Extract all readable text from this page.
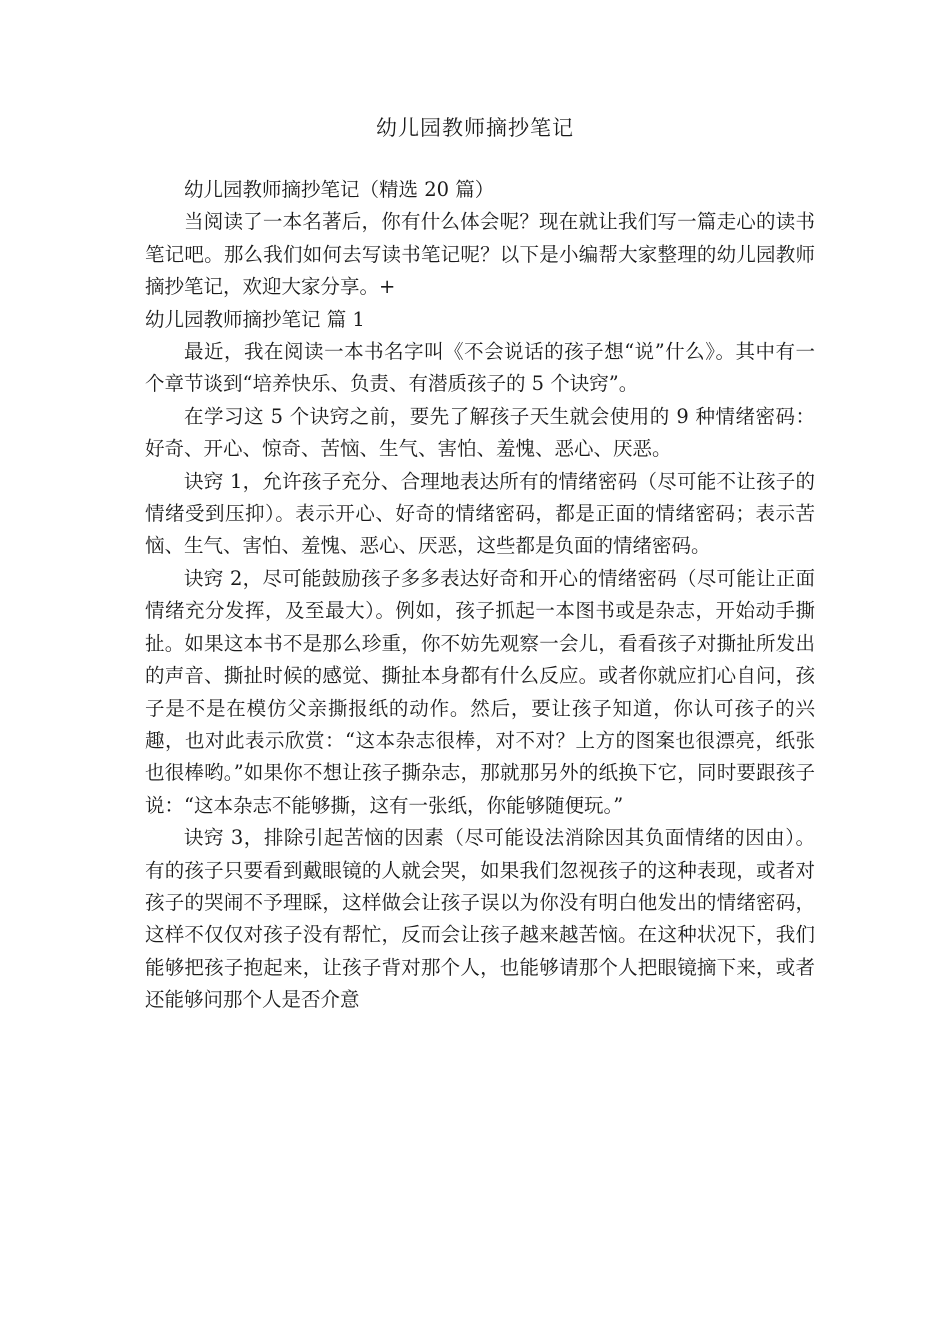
幼儿园教师摘抄笔记

幼儿园教师摘抄笔记（精选 20 篇）

当阅读了一本名著后，你有什么体会呢？现在就让我们写一篇走心的读书笔记吧。那么我们如何去写读书笔记呢？以下是小编帮大家整理的幼儿园教师摘抄笔记，欢迎大家分享。+

幼儿园教师摘抄笔记 篇 1

最近，我在阅读一本书名字叫《不会说话的孩子想“说”什么》。其中有一个章节谈到“培养快乐、负责、有潜质孩子的 5 个诀窍”。

在学习这 5 个诀窍之前，要先了解孩子天生就会使用的 9 种情绪密码：好奇、开心、惊奇、苦恼、生气、害怕、羞愧、恶心、厌恶。

诀窍 1，允许孩子充分、合理地表达所有的情绪密码（尽可能不让孩子的情绪受到压抑）。表示开心、好奇的情绪密码，都是正面的情绪密码；表示苦恼、生气、害怕、羞愧、恶心、厌恶，这些都是负面的情绪密码。

诀窍 2，尽可能鼓励孩子多多表达好奇和开心的情绪密码（尽可能让正面情绪充分发挥，及至最大）。例如，孩子抓起一本图书或是杂志，开始动手撕扯。如果这本书不是那么珍重，你不妨先观察一会儿，看看孩子对撕扯所发出的声音、撕扯时候的感觉、撕扯本身都有什么反应。或者你就应扪心自问，孩子是不是在模仿父亲撕报纸的动作。然后，要让孩子知道，你认可孩子的兴趣，也对此表示欣赏：“这本杂志很棒，对不对？上方的图案也很漂亮，纸张也很棒哟。”如果你不想让孩子撕杂志，那就那另外的纸换下它，同时要跟孩子说：“这本杂志不能够撕，这有一张纸，你能够随便玩。”

诀窍 3，排除引起苦恼的因素（尽可能设法消除因其负面情绪的因由）。有的孩子只要看到戴眼镜的人就会哭，如果我们忽视孩子的这种表现，或者对孩子的哭闹不予理睬，这样做会让孩子误以为你没有明白他发出的情绪密码，这样不仅仅对孩子没有帮忙，反而会让孩子越来越苦恼。在这种状况下，我们能够把孩子抱起来，让孩子背对那个人，也能够请那个人把眼镜摘下来，或者还能够问那个人是否介意
